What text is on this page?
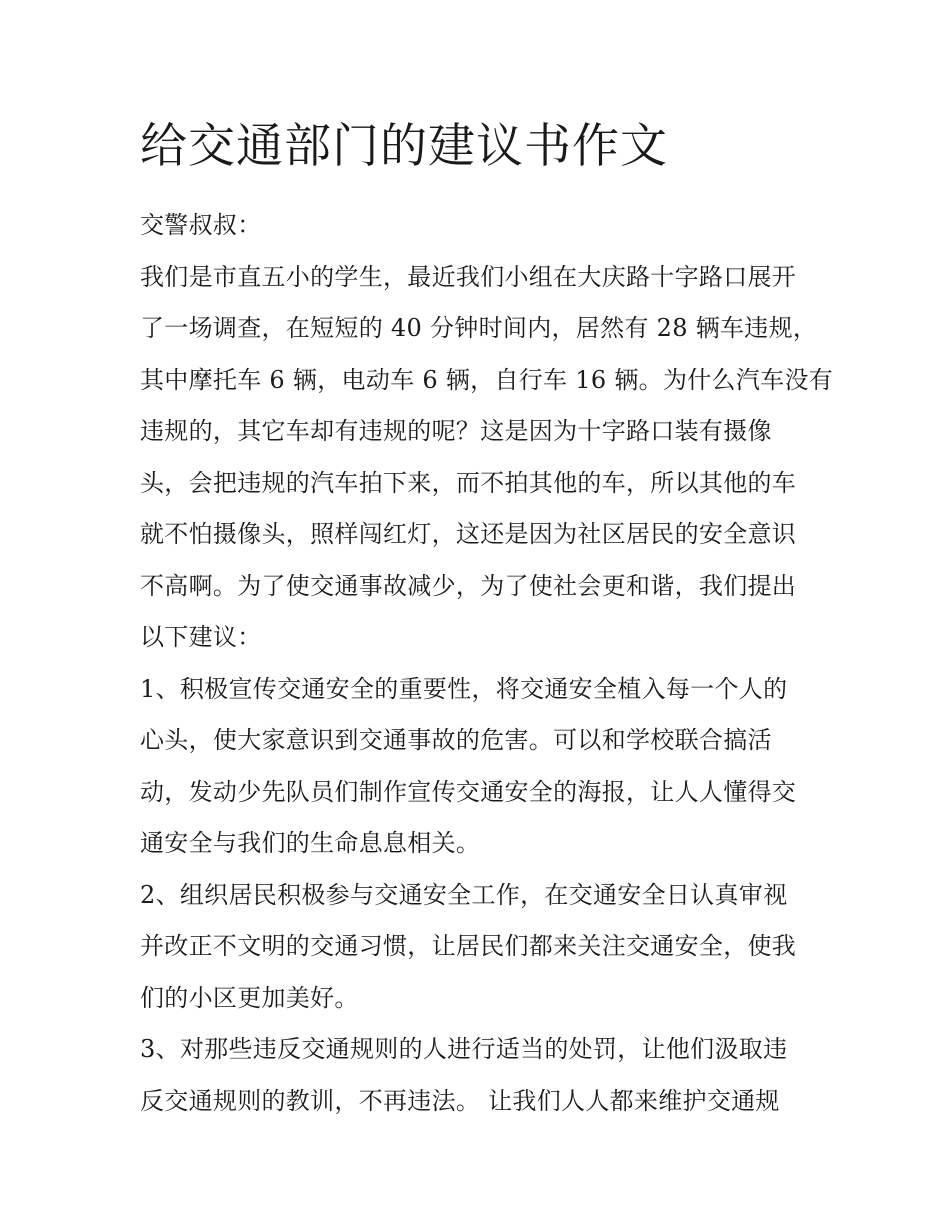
给交通部门的建议书作文
交警叔叔：
我们是市直五小的学生，最近我们小组在大庆路十字路口展开
了一场调查，在短短的 40 分钟时间内，居然有 28 辆车违规，
其中摩托车 6 辆，电动车 6 辆，自行车 16 辆。为什么汽车没有
违规的，其它车却有违规的呢？这是因为十字路口装有摄像
头，会把违规的汽车拍下来，而不拍其他的车，所以其他的车
就不怕摄像头，照样闯红灯，这还是因为社区居民的安全意识
不高啊。为了使交通事故减少，为了使社会更和谐，我们提出
以下建议：
1、积极宣传交通安全的重要性，将交通安全植入每一个人的
心头，使大家意识到交通事故的危害。可以和学校联合搞活
动，发动少先队员们制作宣传交通安全的海报，让人人懂得交
通安全与我们的生命息息相关。
2、组织居民积极参与交通安全工作，在交通安全日认真审视
并改正不文明的交通习惯，让居民们都来关注交通安全，使我
们的小区更加美好。
3、对那些违反交通规则的人进行适当的处罚，让他们汲取违
反交通规则的教训，不再违法。 让我们人人都来维护交通规
